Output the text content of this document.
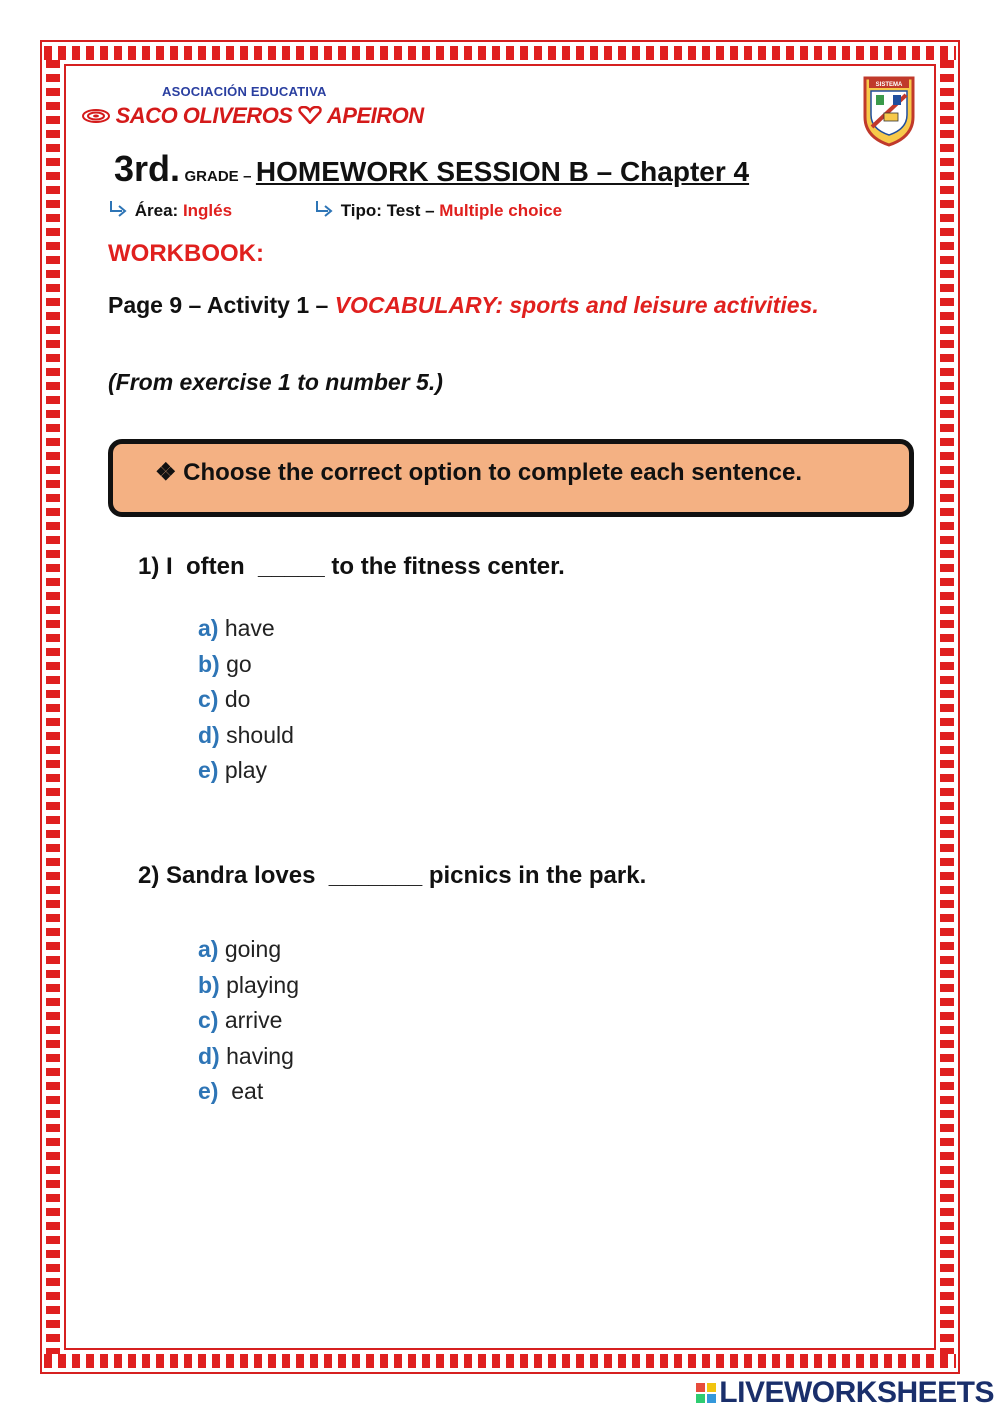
ASOCIACIÓN EDUCATIVA
SACO OLIVEROS APEIRON
SISTEMA
3rd. GRADE – HOMEWORK SESSION B – Chapter 4
Área: Inglés	Tipo: Test – Multiple choice
WORKBOOK:
Page 9 – Activity 1 – VOCABULARY: sports and leisure activities.
(From exercise 1 to number 5.)
❖ Choose the correct option to complete each sentence.
1) I  often  _____ to the fitness center.
a) have
b) go
c) do
d) should
e) play
2) Sandra loves  _______ picnics in the park.
a) going
b) playing
c) arrive
d) having
e)  eat
LIVEWORKSHEETS
